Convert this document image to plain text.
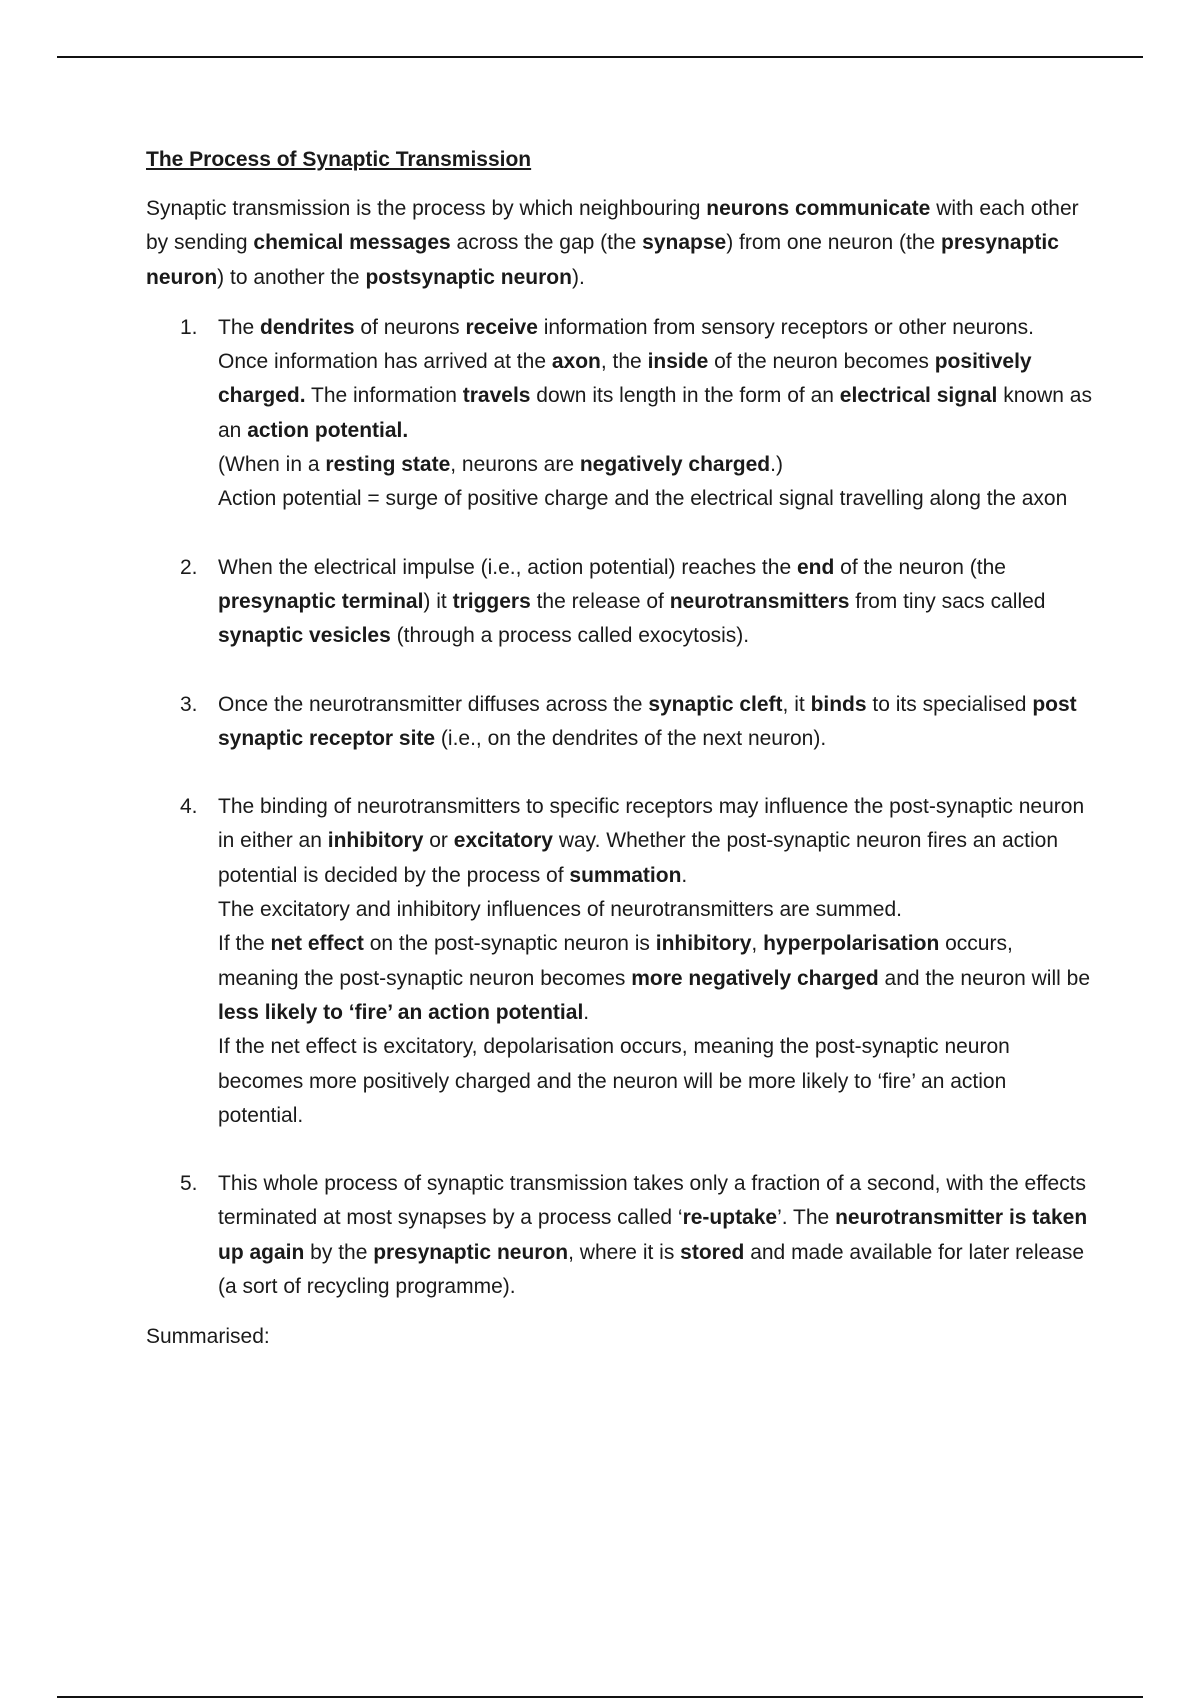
The Process of Synaptic Transmission

Synaptic transmission is the process by which neighbouring neurons communicate with each other by sending chemical messages across the gap (the synapse) from one neuron (the presynaptic neuron) to another the postsynaptic neuron).

1. The dendrites of neurons receive information from sensory receptors or other neurons.
Once information has arrived at the axon, the inside of the neuron becomes positively charged. The information travels down its length in the form of an electrical signal known as an action potential.
(When in a resting state, neurons are negatively charged.)
Action potential = surge of positive charge and the electrical signal travelling along the axon
2. When the electrical impulse (i.e., action potential) reaches the end of the neuron (the presynaptic terminal) it triggers the release of neurotransmitters from tiny sacs called synaptic vesicles (through a process called exocytosis).
3. Once the neurotransmitter diffuses across the synaptic cleft, it binds to its specialised post synaptic receptor site (i.e., on the dendrites of the next neuron).
4. The binding of neurotransmitters to specific receptors may influence the post-synaptic neuron in either an inhibitory or excitatory way. Whether the post-synaptic neuron fires an action potential is decided by the process of summation.
The excitatory and inhibitory influences of neurotransmitters are summed.
If the net effect on the post-synaptic neuron is inhibitory, hyperpolarisation occurs, meaning the post-synaptic neuron becomes more negatively charged and the neuron will be less likely to ‘fire’ an action potential.
If the net effect is excitatory, depolarisation occurs, meaning the post-synaptic neuron becomes more positively charged and the neuron will be more likely to ‘fire’ an action potential.
5. This whole process of synaptic transmission takes only a fraction of a second, with the effects terminated at most synapses by a process called ‘re-uptake’. The neurotransmitter is taken up again by the presynaptic neuron, where it is stored and made available for later release (a sort of recycling programme).

Summarised:
